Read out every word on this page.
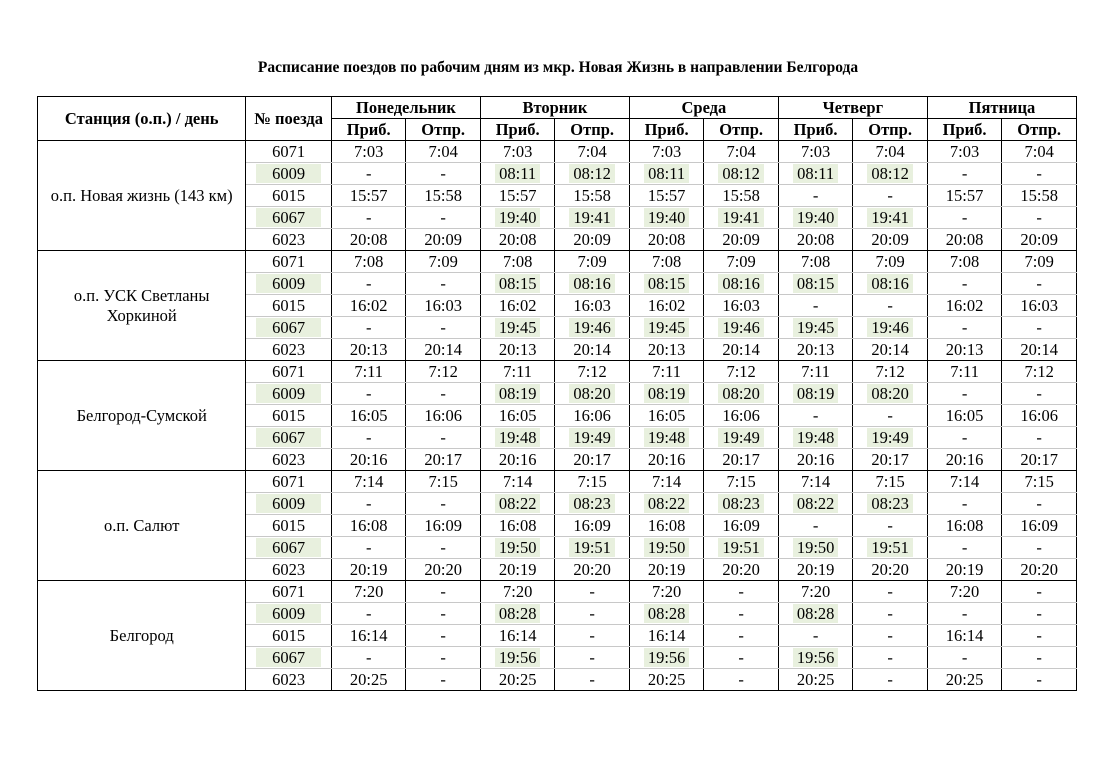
Расписание поездов по рабочим дням из мкр. Новая Жизнь в направлении Белгорода
Станция (о.п.) / день	№ поезда	Понедельник		Вторник		Среда		Четверг		Пятница	
		Приб.	Отпр.	Приб.	Отпр.	Приб.	Отпр.	Приб.	Отпр.	Приб.	Отпр.
о.п. Новая жизнь (143 км)	6071	7:03	7:04	7:03	7:04	7:03	7:04	7:03	7:04	7:03	7:04
	6009	-	-	08:11	08:12	08:11	08:12	08:11	08:12	-	-
	6015	15:57	15:58	15:57	15:58	15:57	15:58	-	-	15:57	15:58
	6067	-	-	19:40	19:41	19:40	19:41	19:40	19:41	-	-
	6023	20:08	20:09	20:08	20:09	20:08	20:09	20:08	20:09	20:08	20:09
о.п. УСК Светланы Хоркиной	6071	7:08	7:09	7:08	7:09	7:08	7:09	7:08	7:09	7:08	7:09
	6009	-	-	08:15	08:16	08:15	08:16	08:15	08:16	-	-
	6015	16:02	16:03	16:02	16:03	16:02	16:03	-	-	16:02	16:03
	6067	-	-	19:45	19:46	19:45	19:46	19:45	19:46	-	-
	6023	20:13	20:14	20:13	20:14	20:13	20:14	20:13	20:14	20:13	20:14
Белгород-Сумской	6071	7:11	7:12	7:11	7:12	7:11	7:12	7:11	7:12	7:11	7:12
	6009	-	-	08:19	08:20	08:19	08:20	08:19	08:20	-	-
	6015	16:05	16:06	16:05	16:06	16:05	16:06	-	-	16:05	16:06
	6067	-	-	19:48	19:49	19:48	19:49	19:48	19:49	-	-
	6023	20:16	20:17	20:16	20:17	20:16	20:17	20:16	20:17	20:16	20:17
о.п. Салют	6071	7:14	7:15	7:14	7:15	7:14	7:15	7:14	7:15	7:14	7:15
	6009	-	-	08:22	08:23	08:22	08:23	08:22	08:23	-	-
	6015	16:08	16:09	16:08	16:09	16:08	16:09	-	-	16:08	16:09
	6067	-	-	19:50	19:51	19:50	19:51	19:50	19:51	-	-
	6023	20:19	20:20	20:19	20:20	20:19	20:20	20:19	20:20	20:19	20:20
Белгород	6071	7:20	-	7:20	-	7:20	-	7:20	-	7:20	-
	6009	-	-	08:28	-	08:28	-	08:28	-	-	-
	6015	16:14	-	16:14	-	16:14	-	-	-	16:14	-
	6067	-	-	19:56	-	19:56	-	19:56	-	-	-
	6023	20:25	-	20:25	-	20:25	-	20:25	-	20:25	-
